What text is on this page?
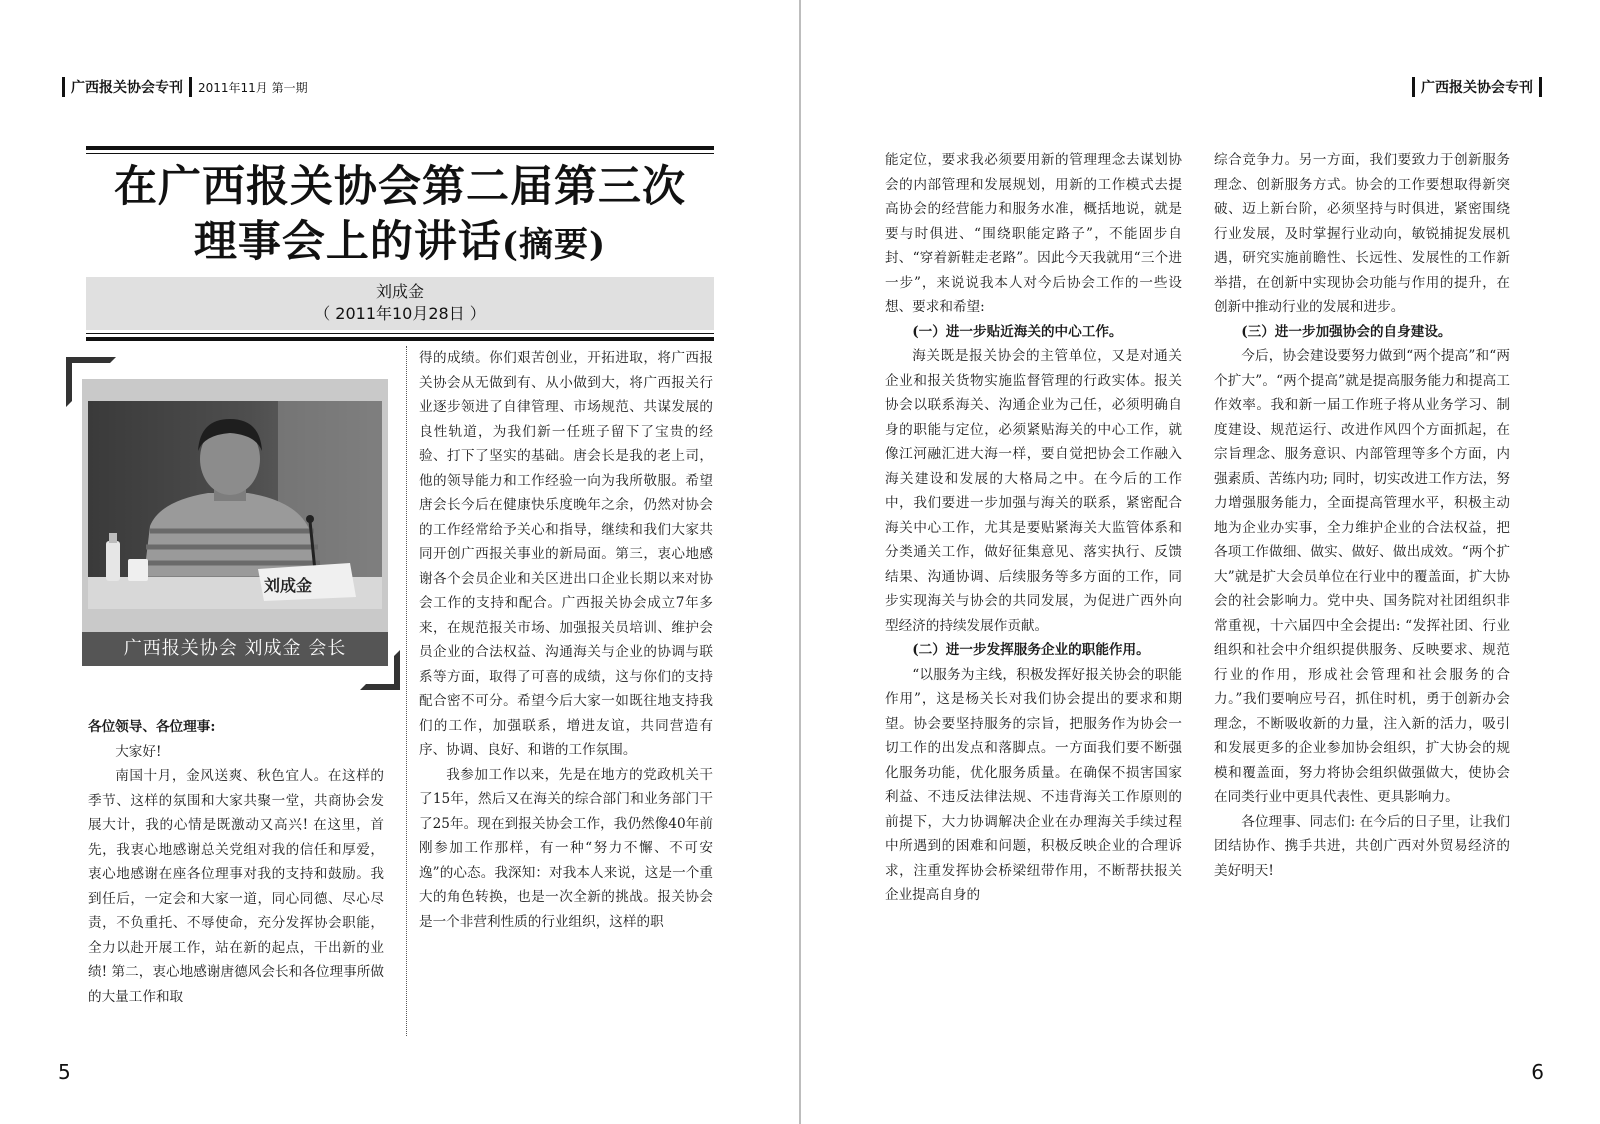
广西报关协会专刊 2011年11月 第一期
在广西报关协会第二届第三次
理事会上的讲话(摘要)
刘成金
（ 2011年10月28日 ）
刘成金
广西报关协会 刘成金 会长

各位领导、各位理事:

大家好!

南国十月，金风送爽、秋色宜人。在这样的季节、这样的氛围和大家共聚一堂，共商协会发展大计，我的心情是既激动又高兴! 在这里，首先，我衷心地感谢总关党组对我的信任和厚爱，衷心地感谢在座各位理事对我的支持和鼓励。我到任后，一定会和大家一道，同心同德、尽心尽责，不负重托、不辱使命，充分发挥协会职能，全力以赴开展工作，站在新的起点，干出新的业绩! 第二，衷心地感谢唐德风会长和各位理事所做的大量工作和取

得的成绩。你们艰苦创业，开拓进取，将广西报关协会从无做到有、从小做到大，将广西报关行业逐步领进了自律管理、市场规范、共谋发展的良性轨道，为我们新一任班子留下了宝贵的经验、打下了坚实的基础。唐会长是我的老上司，他的领导能力和工作经验一向为我所敬服。希望唐会长今后在健康快乐度晚年之余，仍然对协会的工作经常给予关心和指导，继续和我们大家共同开创广西报关事业的新局面。第三，衷心地感谢各个会员企业和关区进出口企业长期以来对协会工作的支持和配合。广西报关协会成立7年多来，在规范报关市场、加强报关员培训、维护会员企业的合法权益、沟通海关与企业的协调与联系等方面，取得了可喜的成绩，这与你们的支持配合密不可分。希望今后大家一如既往地支持我们的工作，加强联系，增进友谊，共同营造有序、协调、良好、和谐的工作氛围。

我参加工作以来，先是在地方的党政机关干了15年，然后又在海关的综合部门和业务部门干了25年。现在到报关协会工作，我仍然像40年前刚参加工作那样，有一种“努力不懈、不可安逸”的心态。我深知：对我本人来说，这是一个重大的角色转换，也是一次全新的挑战。报关协会是一个非营利性质的行业组织，这样的职

5
广西报关协会专刊

能定位，要求我必须要用新的管理理念去谋划协会的内部管理和发展规划，用新的工作模式去提高协会的经营能力和服务水准，概括地说，就是要与时俱进、“围绕职能定路子”，不能固步自封、“穿着新鞋走老路”。因此今天我就用“三个进一步”，来说说我本人对今后协会工作的一些设想、要求和希望:

(一）进一步贴近海关的中心工作。

海关既是报关协会的主管单位，又是对通关企业和报关货物实施监督管理的行政实体。报关协会以联系海关、沟通企业为己任，必须明确自身的职能与定位，必须紧贴海关的中心工作，就像江河融汇进大海一样，要自觉把协会工作融入海关建设和发展的大格局之中。在今后的工作中，我们要进一步加强与海关的联系，紧密配合海关中心工作，尤其是要贴紧海关大监管体系和分类通关工作，做好征集意见、落实执行、反馈结果、沟通协调、后续服务等多方面的工作，同步实现海关与协会的共同发展，为促进广西外向型经济的持续发展作贡献。

(二）进一步发挥服务企业的职能作用。

“以服务为主线，积极发挥好报关协会的职能作用”，这是杨关长对我们协会提出的要求和期望。协会要坚持服务的宗旨，把服务作为协会一切工作的出发点和落脚点。一方面我们要不断强化服务功能，优化服务质量。在确保不损害国家利益、不违反法律法规、不违背海关工作原则的前提下，大力协调解决企业在办理海关手续过程中所遇到的困难和问题，积极反映企业的合理诉求，注重发挥协会桥梁纽带作用，不断帮扶报关企业提高自身的

综合竞争力。另一方面，我们要致力于创新服务理念、创新服务方式。协会的工作要想取得新突破、迈上新台阶，必须坚持与时俱进，紧密围绕行业发展，及时掌握行业动向，敏锐捕捉发展机遇，研究实施前瞻性、长远性、发展性的工作新举措，在创新中实现协会功能与作用的提升，在创新中推动行业的发展和进步。

(三）进一步加强协会的自身建设。

今后，协会建设要努力做到“两个提高”和“两个扩大”。“两个提高”就是提高服务能力和提高工作效率。我和新一届工作班子将从业务学习、制度建设、规范运行、改进作风四个方面抓起，在宗旨理念、服务意识、内部管理等多个方面，内强素质、苦练内功; 同时，切实改进工作方法，努力增强服务能力，全面提高管理水平，积极主动地为企业办实事，全力维护企业的合法权益，把各项工作做细、做实、做好、做出成效。“两个扩大”就是扩大会员单位在行业中的覆盖面，扩大协会的社会影响力。党中央、国务院对社团组织非常重视，十六届四中全会提出: “发挥社团、行业组织和社会中介组织提供服务、反映要求、规范行业的作用，形成社会管理和社会服务的合力。”我们要响应号召，抓住时机，勇于创新办会理念，不断吸收新的力量，注入新的活力，吸引和发展更多的企业参加协会组织，扩大协会的规模和覆盖面，努力将协会组织做强做大，使协会在同类行业中更具代表性、更具影响力。

各位理事、同志们: 在今后的日子里，让我们团结协作、携手共进，共创广西对外贸易经济的美好明天!

6
